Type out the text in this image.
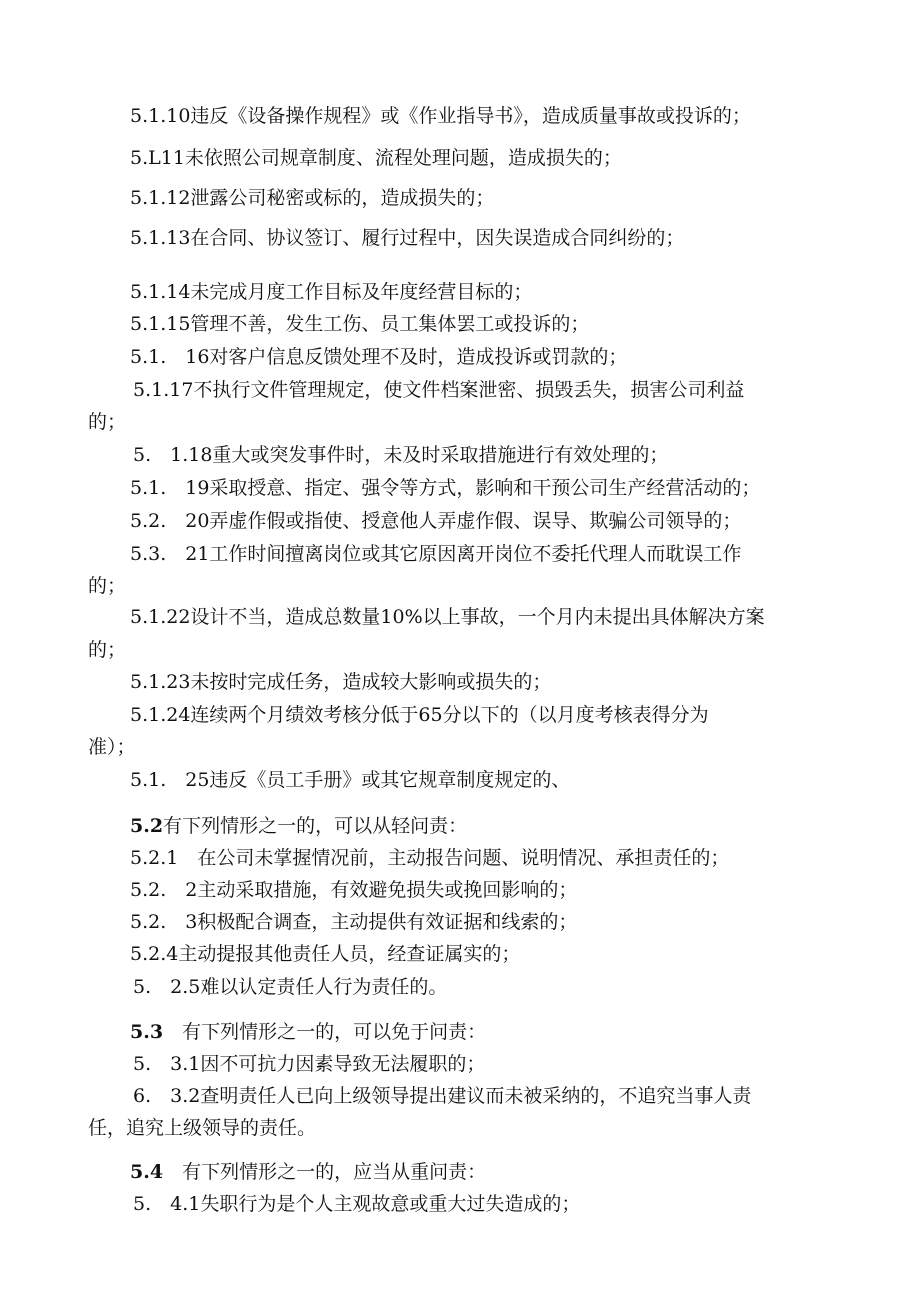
5.1.10违反《设备操作规程》或《作业指导书》，造成质量事故或投诉的；
5.L11未依照公司规章制度、流程处理问题，造成损失的；
5.1.12泄露公司秘密或标的，造成损失的；
5.1.13在合同、协议签订、履行过程中，因失误造成合同纠纷的；
5.1.14未完成月度工作目标及年度经营目标的；
5.1.15管理不善，发生工伤、员工集体罢工或投诉的；
5.1.　16对客户信息反馈处理不及时，造成投诉或罚款的；
5.1.17不执行文件管理规定，使文件档案泄密、损毁丢失，损害公司利益
的；
5.　1.18重大或突发事件时，未及时采取措施进行有效处理的；
5.1.　19采取授意、指定、强令等方式，影响和干预公司生产经营活动的；
5.2.　20弄虚作假或指使、授意他人弄虚作假、误导、欺骗公司领导的；
5.3.　21工作时间擅离岗位或其它原因离开岗位不委托代理人而耽误工作
的；
5.1.22设计不当，造成总数量10%以上事故，一个月内未提出具体解决方案
的；
5.1.23未按时完成任务，造成较大影响或损失的；
5.1.24连续两个月绩效考核分低于65分以下的（以月度考核表得分为
准）；
5.1.　25违反《员工手册》或其它规章制度规定的、
5.2有下列情形之一的，可以从轻问责：
5.2.1　在公司未掌握情况前，主动报告问题、说明情况、承担责任的；
5.2.　2主动采取措施，有效避免损失或挽回影响的；
5.2.　3积极配合调查，主动提供有效证据和线索的；
5.2.4主动提报其他责任人员，经查证属实的；
5.　2.5难以认定责任人行为责任的。
5.3　有下列情形之一的，可以免于问责：
5.　3.1因不可抗力因素导致无法履职的；
6.　3.2查明责任人已向上级领导提出建议而未被采纳的，不追究当事人责
任，追究上级领导的责任。
5.4　有下列情形之一的，应当从重问责：
5.　4.1失职行为是个人主观故意或重大过失造成的；
